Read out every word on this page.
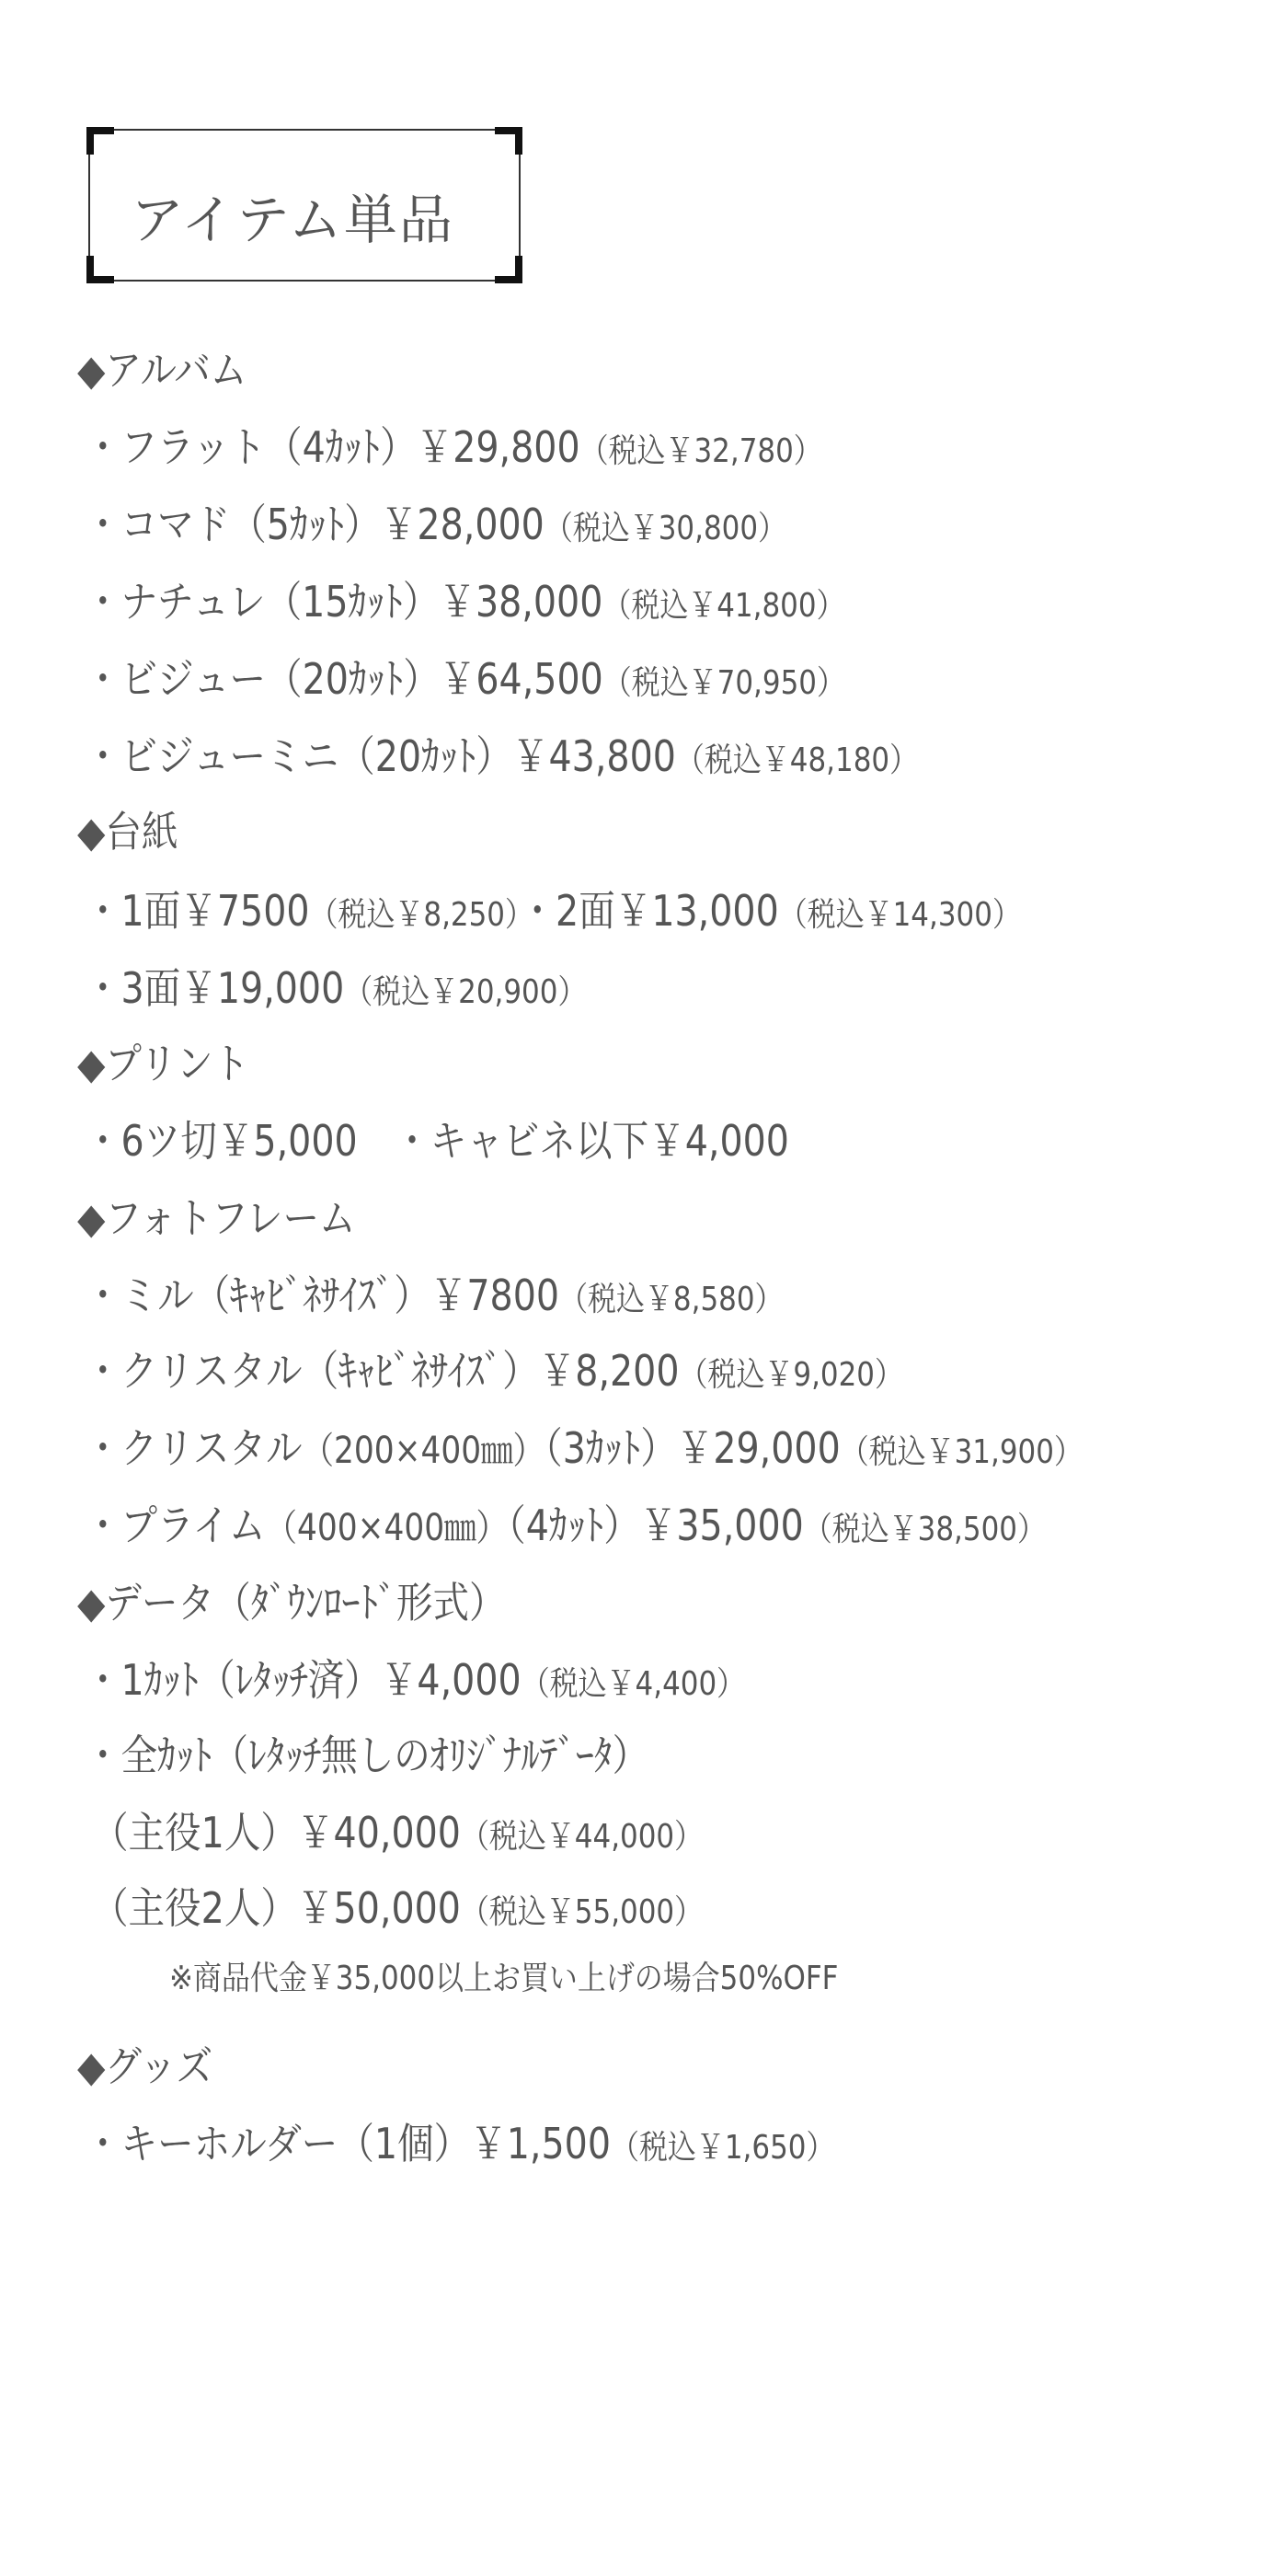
アイテム単品
◆アルバム
・フラット（4ｶｯﾄ）￥29,800（税込￥32,780）
・コマド（5ｶｯﾄ）￥28,000（税込￥30,800）
・ナチュレ（15ｶｯﾄ）￥38,000（税込￥41,800）
・ビジュー（20ｶｯﾄ）￥64,500（税込￥70,950）
・ビジューミニ（20ｶｯﾄ）￥43,800（税込￥48,180）
◆台紙
・1面￥7500（税込￥8,250）・2面￥13,000（税込￥14,300）
・3面￥19,000（税込￥20,900）
◆プリント
・6ツ切￥5,000　・キャビネ以下￥4,000
◆フォトフレーム
・ミル（ｷｬﾋﾞﾈｻｲｽﾞ）￥7800（税込￥8,580）
・クリスタル（ｷｬﾋﾞﾈｻｲｽﾞ）￥8,200（税込￥9,020）
・クリスタル（200×400㎜）（3ｶｯﾄ）￥29,000（税込￥31,900）
・プライム（400×400㎜）（4ｶｯﾄ）￥35,000（税込￥38,500）
◆データ（ﾀﾞｳﾝﾛｰﾄﾞ形式）
・1ｶｯﾄ（ﾚﾀｯﾁ済）￥4,000（税込￥4,400）
・全ｶｯﾄ（ﾚﾀｯﾁ無しのｵﾘｼﾞﾅﾙﾃﾞｰﾀ）
（主役1人）￥40,000（税込￥44,000）
（主役2人）￥50,000（税込￥55,000）
◆グッズ
・キーホルダー（1個）￥1,500（税込￥1,650）
※商品代金￥35,000以上お買い上げの場合50%OFF
